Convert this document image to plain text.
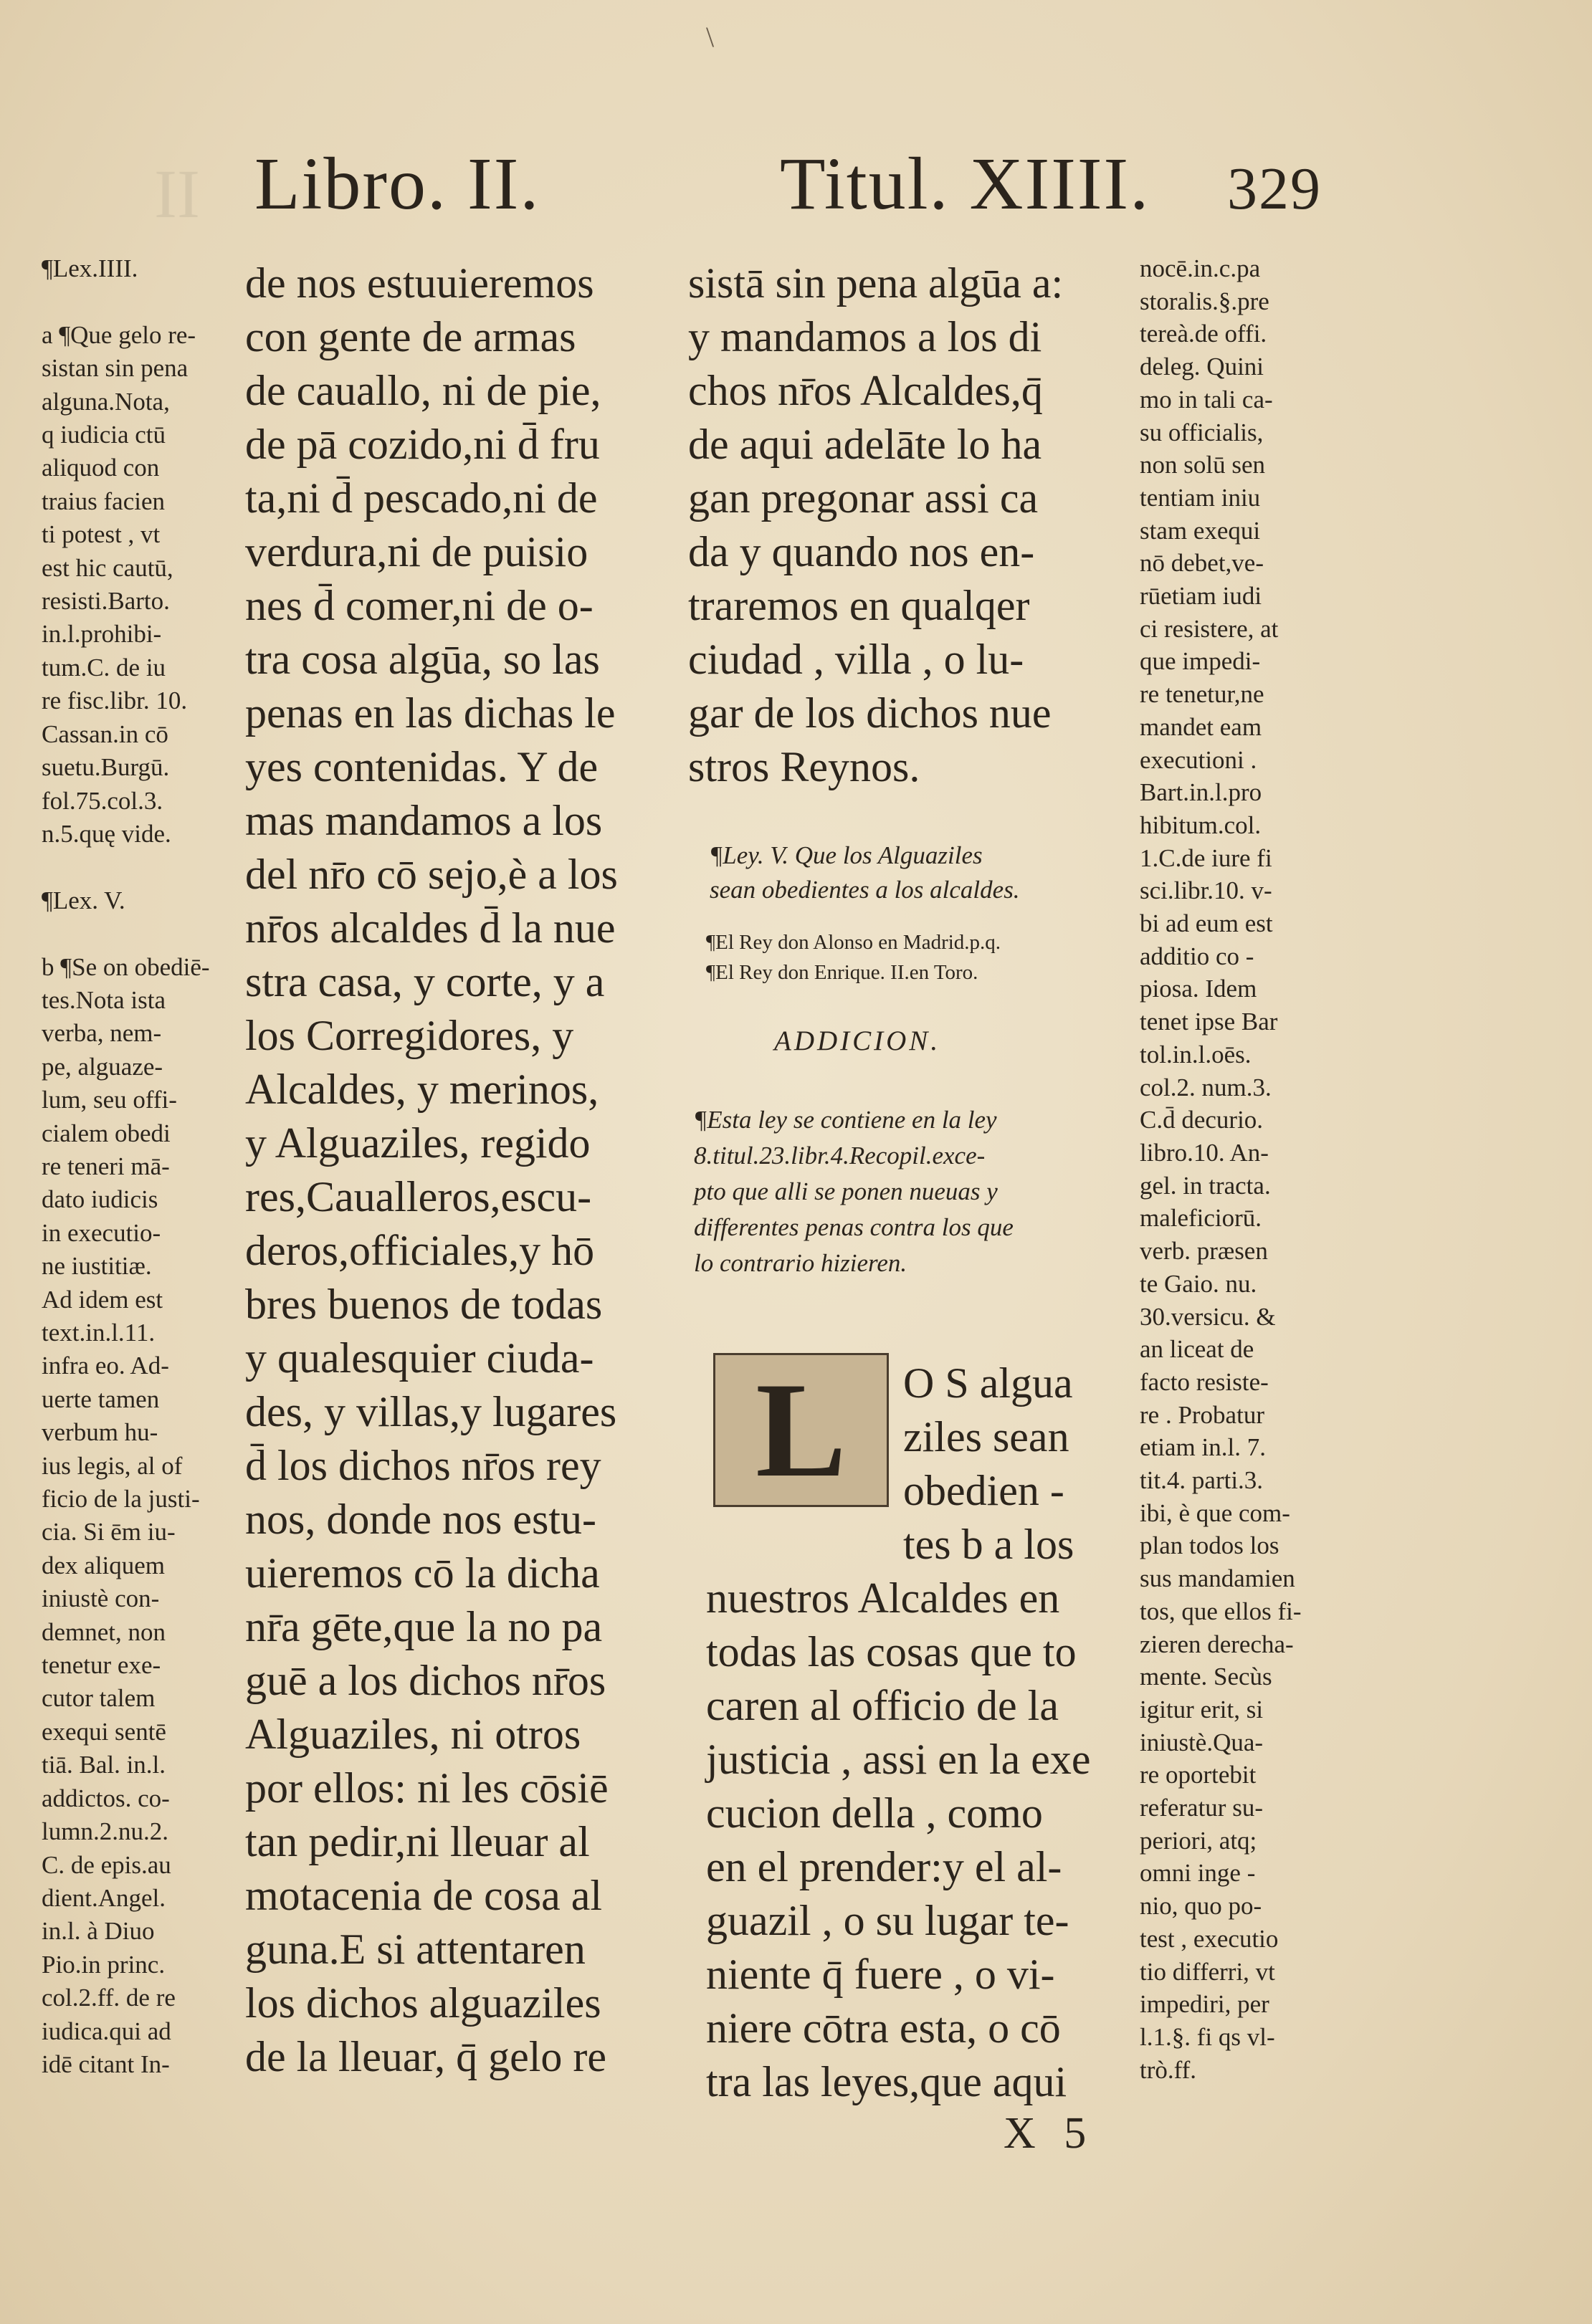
\
II Libro. II.	Titul. XIIII. 329
¶Lex.IIII.

a ¶Que gelo re-
sistan sin pena
alguna.Nota,
q iudicia ctū
aliquod con
traius facien
ti potest , vt
est hic cautū,
resisti.Barto.
in.l.prohibi-
tum.C. de iu
re fisc.libr. 10.
Cassan.in cō
suetu.Burgū.
fol.75.col.3.
n.5.quę vide.

¶Lex. V.

b ¶Se on obediē-
tes.Nota ista
verba, nem-
pe, alguaze-
lum, seu offi-
cialem obedi
re teneri mā-
dato iudicis
in executio-
ne iustitiæ.
Ad idem est
text.in.l.11.
infra eo. Ad-
uerte tamen
verbum hu-
ius legis, al of
ficio de la justi-
cia. Si ēm iu-
dex aliquem
iniustè con-
demnet, non
tenetur exe-
cutor talem
exequi sentē
tiā. Bal. in.l.
addictos. co-
lumn.2.nu.2.
C. de epis.au
dient.Angel.
in.l. à Diuo
Pio.in princ.
col.2.ff. de re
iudica.qui ad
idē citant In-
de nos estuuieremos
con gente de armas
de cauallo, ni de pie,
de pā cozido,ni d̄ fru
ta,ni d̄ pescado,ni de
verdura,ni de puisio
nes d̄ comer,ni de o-
tra cosa algūa, so las
penas en las dichas le
yes contenidas. Y de
mas mandamos a los
del nr̄o cō sejo,è a los
nr̄os alcaldes d̄ la nue
stra casa, y corte, y a
los Corregidores, y
Alcaldes, y merinos,
y Alguaziles, regido
res,Caualleros,escu-
deros,officiales,y hō
bres buenos de todas
y qualesquier ciuda-
des, y villas,y lugares
d̄ los dichos nr̄os rey
nos, donde nos estu-
uieremos cō la dicha
nr̄a gēte,que la no pa
guē a los dichos nr̄os
Alguaziles, ni otros
por ellos: ni les cōsiē
tan pedir,ni lleuar al
motacenia de cosa al
guna.E si attentaren
los dichos alguaziles
de la lleuar, q̄ gelo re
sistā sin pena algūa a:
y mandamos a los di
chos nr̄os Alcaldes,q̄
de aqui adelāte lo ha
gan pregonar assi ca
da y quando nos en-
traremos en qualqer
ciudad , villa , o lu-
gar de los dichos nue
stros Reynos.
¶Ley. V. Que los Alguaziles
sean obedientes a los alcaldes.
¶El Rey don Alonso en Madrid.p.q.
¶El Rey don Enrique. II.en Toro.
ADDICION.
¶Esta ley se contiene en la ley
8.titul.23.libr.4.Recopil.exce-
pto que alli se ponen nueuas y
differentes penas contra los que
lo contrario hizieren.
L O S algua
ziles sean
obedien -
tes b a los
nuestros Alcaldes en
todas las cosas que to
caren al officio de la
justicia , assi en la exe
cucion della , como
en el prender:y el al-
guazil , o su lugar te-
niente q̄ fuere , o vi-
niere cōtra esta, o cō
tra las leyes,que aqui
nocē.in.c.pa
storalis.§.pre
tereà.de offi.
deleg. Quini
mo in tali ca-
su officialis,
non solū sen
tentiam iniu
stam exequi
nō debet,ve-
rūetiam iudi
ci resistere, at
que impedi-
re tenetur,ne
mandet eam
executioni .
Bart.in.l.pro
hibitum.col.
1.C.de iure fi
sci.libr.10. v-
bi ad eum est
additio co -
piosa. Idem
tenet ipse Bar
tol.in.l.oēs.
col.2. num.3.
C.d̄ decurio.
libro.10. An-
gel. in tracta.
maleficiorū.
verb. præsen
te Gaio. nu.
30.versicu. &
an liceat de
facto resiste-
re . Probatur
etiam in.l. 7.
tit.4. parti.3.
ibi, è que com-
plan todos los
sus mandamien
tos, que ellos fi-
zieren derecha-
mente. Secùs
igitur erit, si
iniustè.Qua-
re oportebit
referatur su-
periori, atq;
omni inge -
nio, quo po-
test , executio
tio differri, vt
impediri, per
l.1.§. fi qs vl-
trò.ff.
X 5
